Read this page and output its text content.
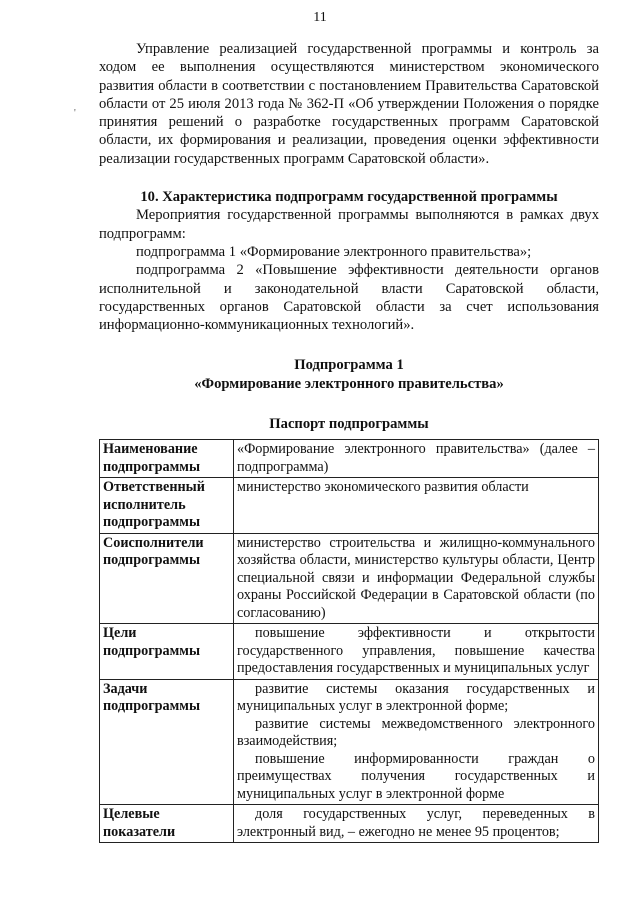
11
'

Управление реализацией государственной программы и контроль за ходом ее выполнения осуществляются министерством экономического развития области в соответствии с постановлением Правительства Саратовской области от 25 июля 2013 года № 362-П «Об утверждении Положения о порядке принятия решений о разработке государственных программ Саратовской области, их формирования и реализации, проведения оценки эффективности реализации государственных программ Саратовской области».

10. Характеристика подпрограмм государственной программы

Мероприятия государственной программы выполняются в рамках двух подпрограмм:

подпрограмма 1 «Формирование электронного правительства»;

подпрограмма 2 «Повышение эффективности деятельности органов исполнительной и законодательной власти Саратовской области, государственных органов Саратовской области за счет использования информационно-коммуникационных технологий».

Подпрограмма 1
«Формирование электронного правительства»
Паспорт подпрограммы
Наименование подпрограммы	«Формирование электронного правительства» (далее – подпрограмма)

Ответственный исполнитель подпрограммы	министерство экономического развития области

Соисполнители подпрограммы	министерство строительства и жилищно-коммунального хозяйства области, министерство культуры области, Центр специальной связи и информации Федеральной службы охраны Российской Федерации в Саратовской области (по согласованию)

Цели подпрограммы	повышение эффективности и открытости государственного управления, повышение качества предоставления государственных и муниципальных услуг

Задачи подпрограммы	развитие системы оказания государственных и муниципальных услуг в электронной форме;
развитие системы межведомственного электронного взаимодействия;
повышение информированности граждан о преимуществах получения государственных и муниципальных услуг в электронной форме

Целевые показатели	доля государственных услуг, переведенных в электронный вид, – ежегодно не менее 95 процентов;
